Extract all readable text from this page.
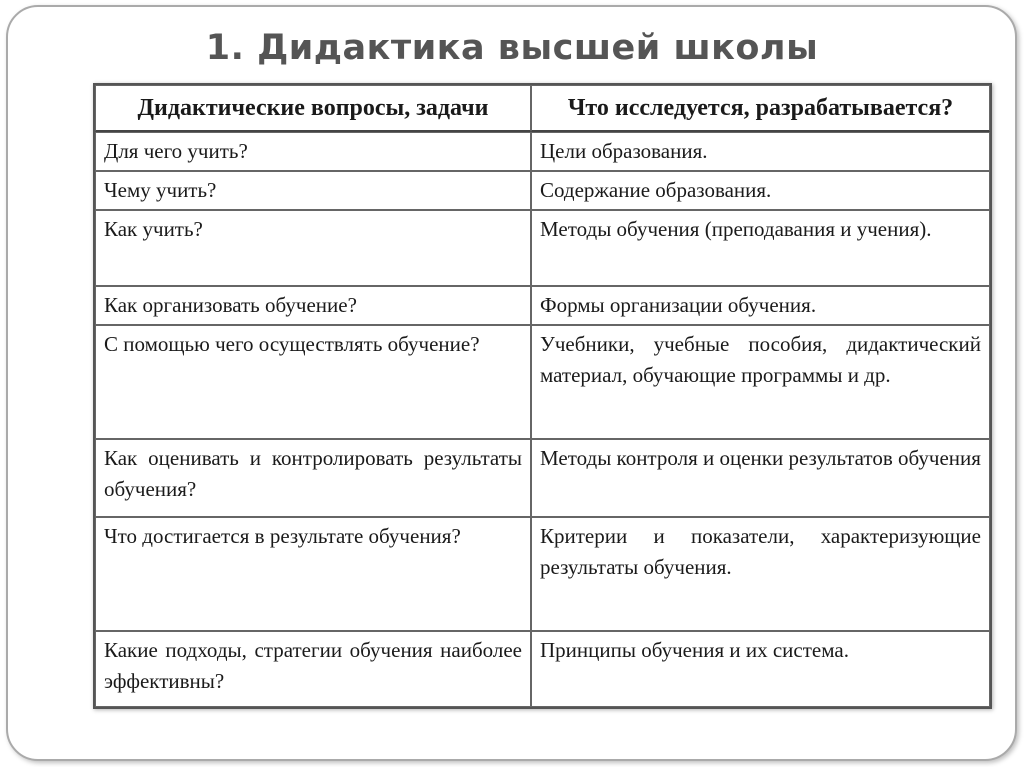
1. Дидактика высшей школы
Дидактические вопросы, задачи	Что исследуется, разрабатывается?
Для чего учить?	Цели образования.
Чему учить?	Содержание образования.
Как учить?	Методы обучения (преподавания и учения).
Как организовать обучение?	Формы организации обучения.
С помощью чего осуществлять обучение?	Учебники, учебные пособия, дидактический материал, обучающие программы и др.
Как оценивать и контролировать результаты обучения?	Методы контроля и оценки результатов обучения
Что достигается в результате обучения?	Критерии и показатели, характеризующие результаты обучения.
Какие подходы, стратегии обучения наиболее эффективны?	Принципы обучения и их система.
